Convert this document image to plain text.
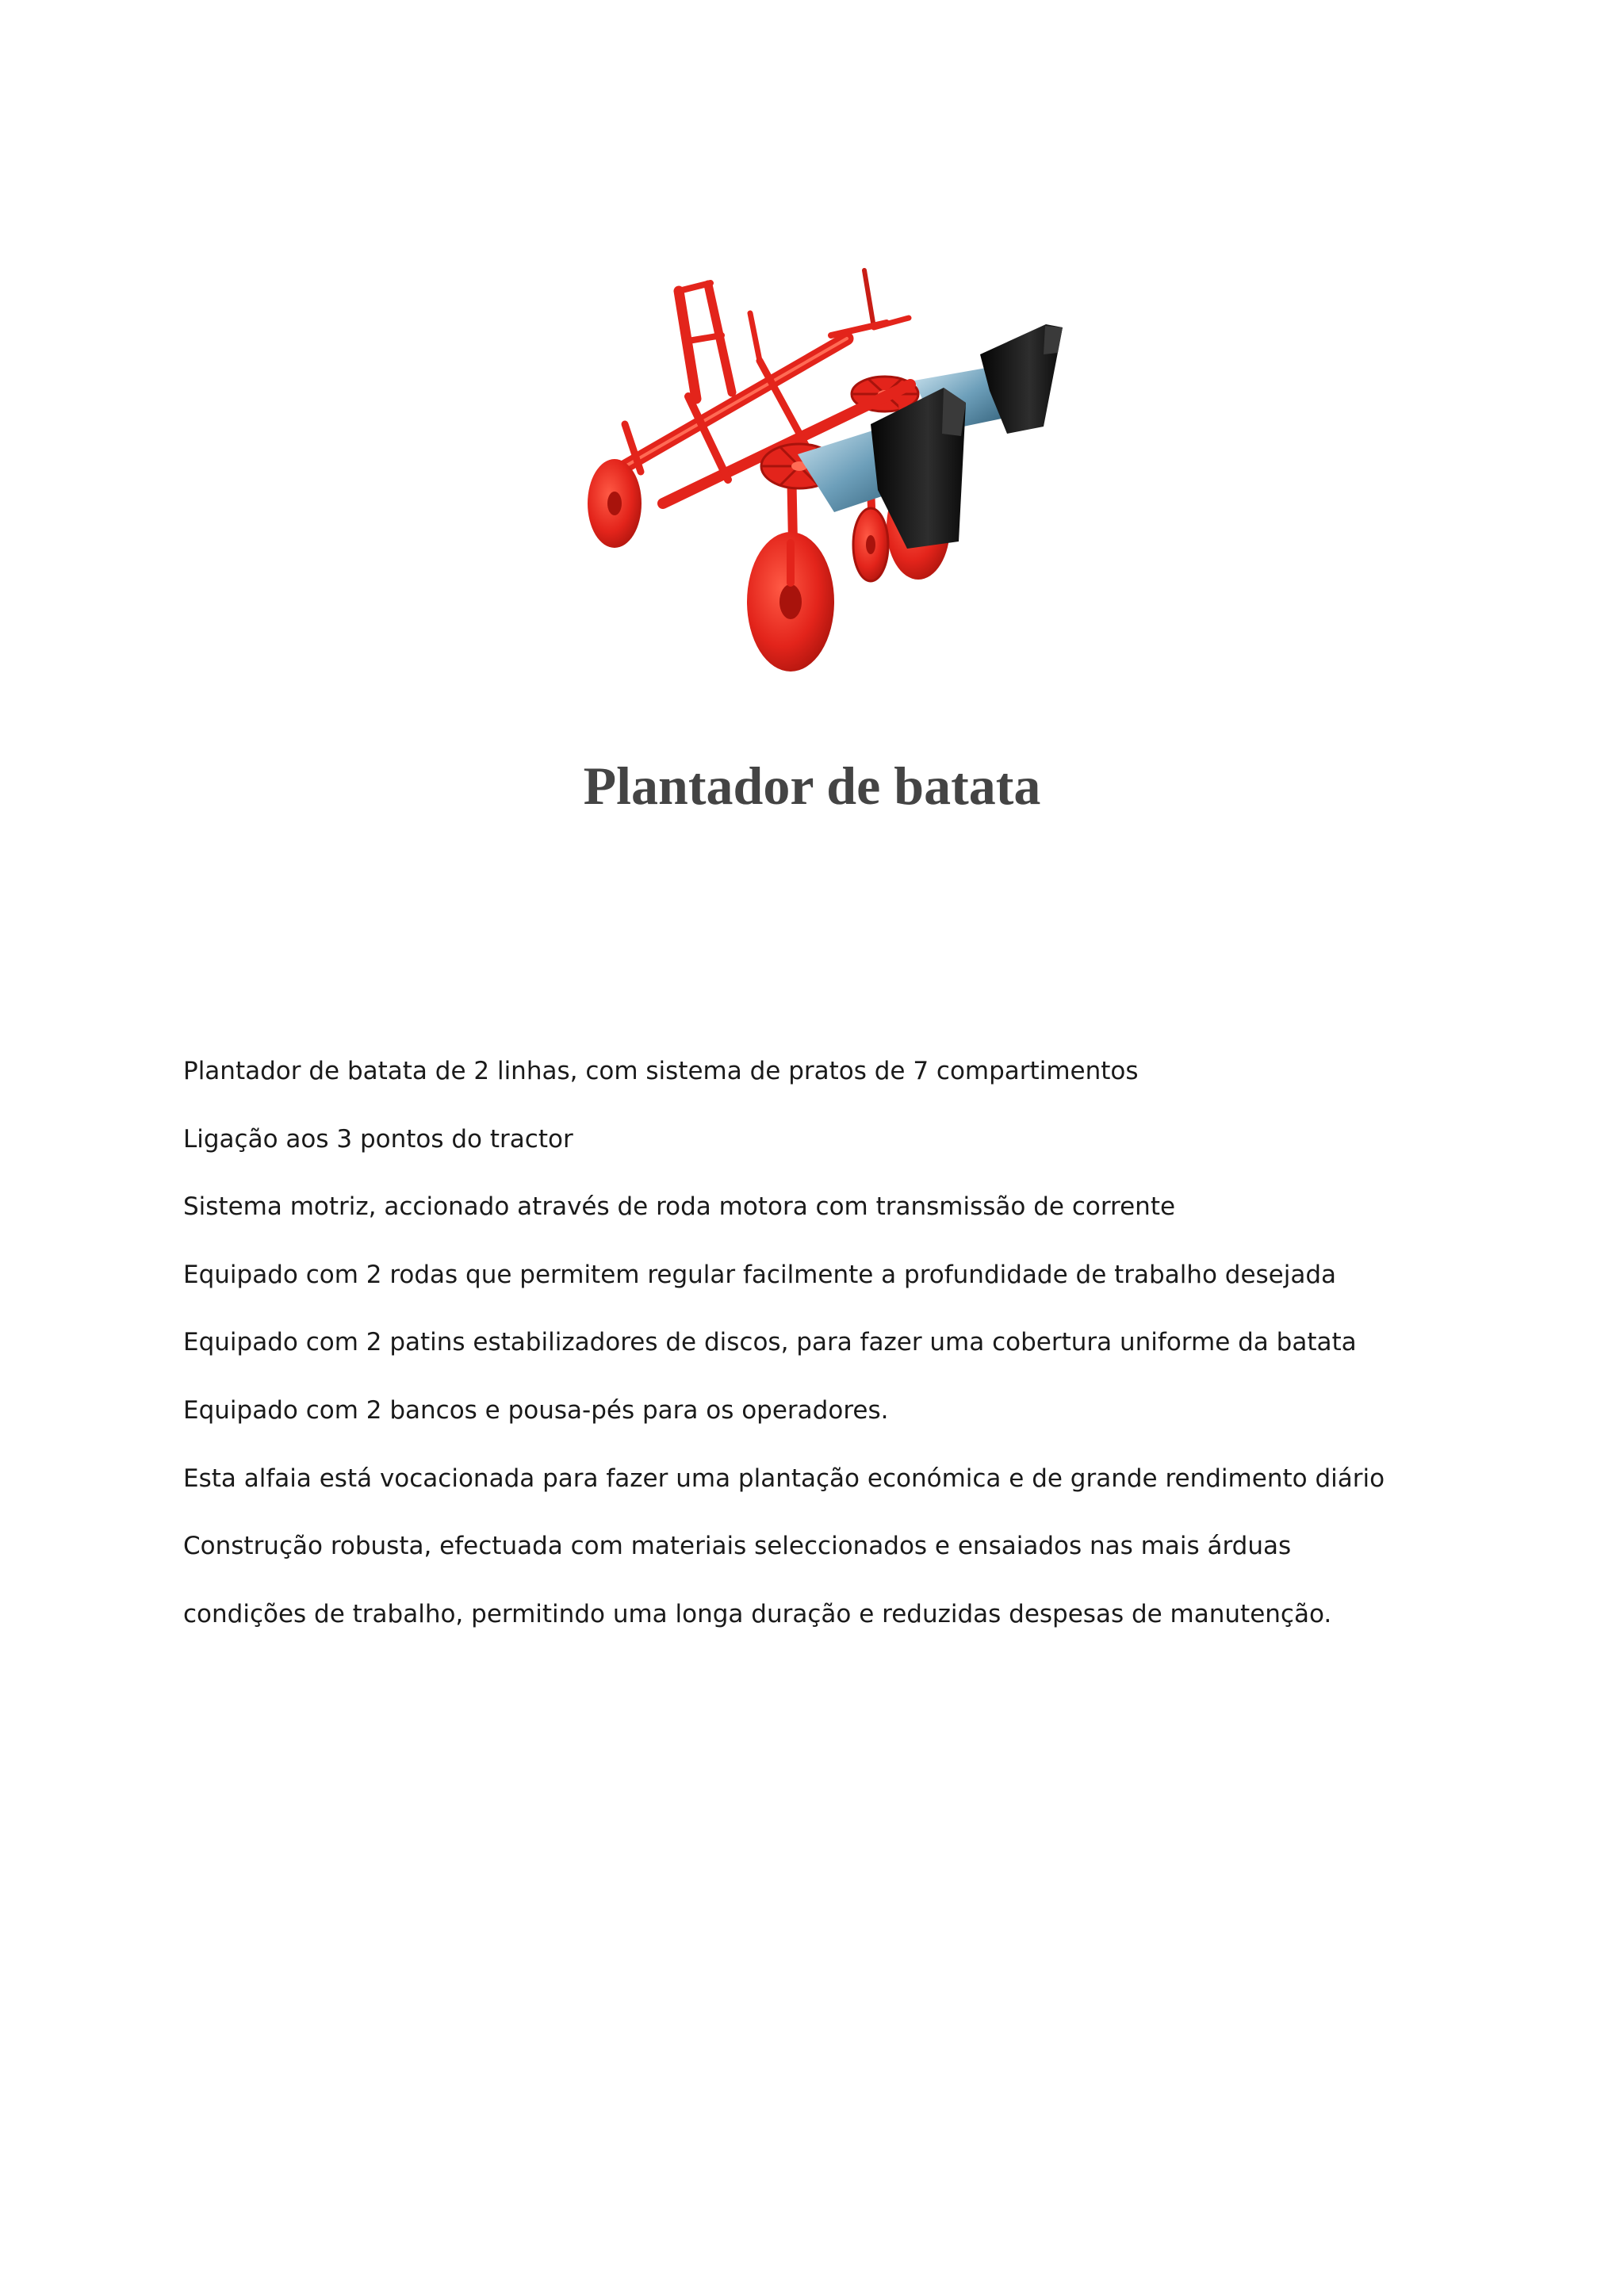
Plantador de batata

Plantador de batata de 2 linhas, com sistema de pratos de 7 compartimentos

Ligação aos 3 pontos do tractor

Sistema motriz, accionado através de roda motora com transmissão de corrente

Equipado com 2 rodas que permitem regular facilmente a profundidade de trabalho desejada

Equipado com 2 patins estabilizadores de discos, para fazer uma cobertura uniforme da batata

Equipado com 2 bancos e pousa-pés para os operadores.

Esta alfaia está vocacionada para fazer uma plantação económica e de grande rendimento diário

Construção robusta, efectuada com materiais seleccionados e ensaiados nas mais árduas

condições de trabalho, permitindo uma longa duração e reduzidas despesas de manutenção.
